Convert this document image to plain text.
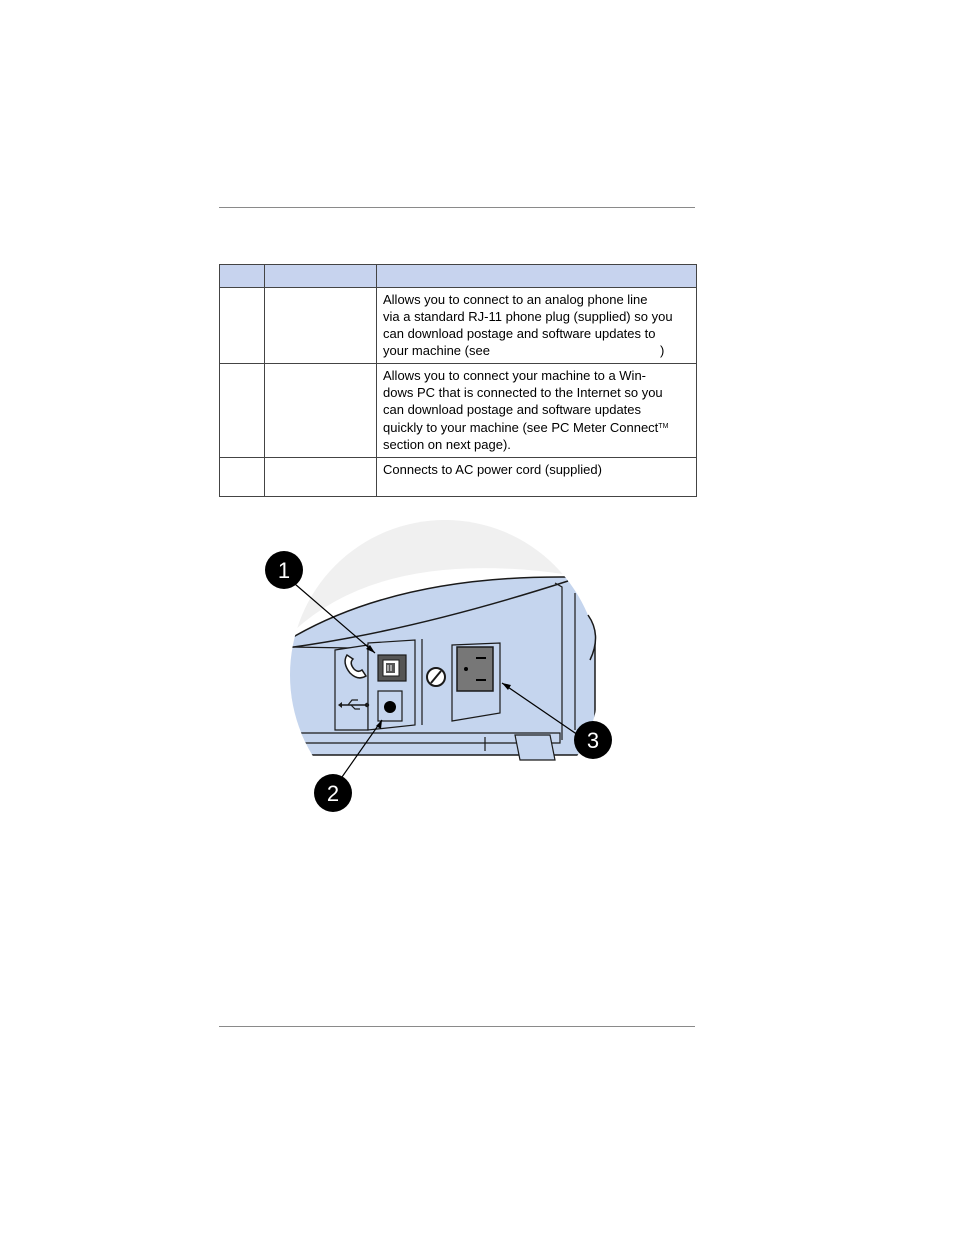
		Allows you to connect to an analog phone line
via a standard RJ-11 phone plug (supplied) so you
can download postage and software updates to
your machine (see )

		Allows you to connect your machine to a Win-
dows PC that is connected to the Internet so you
can download postage and software updates
quickly to your machine (see PC Meter Connect™
section on next page).

		Connects to AC power cord (supplied)
1
2
3
